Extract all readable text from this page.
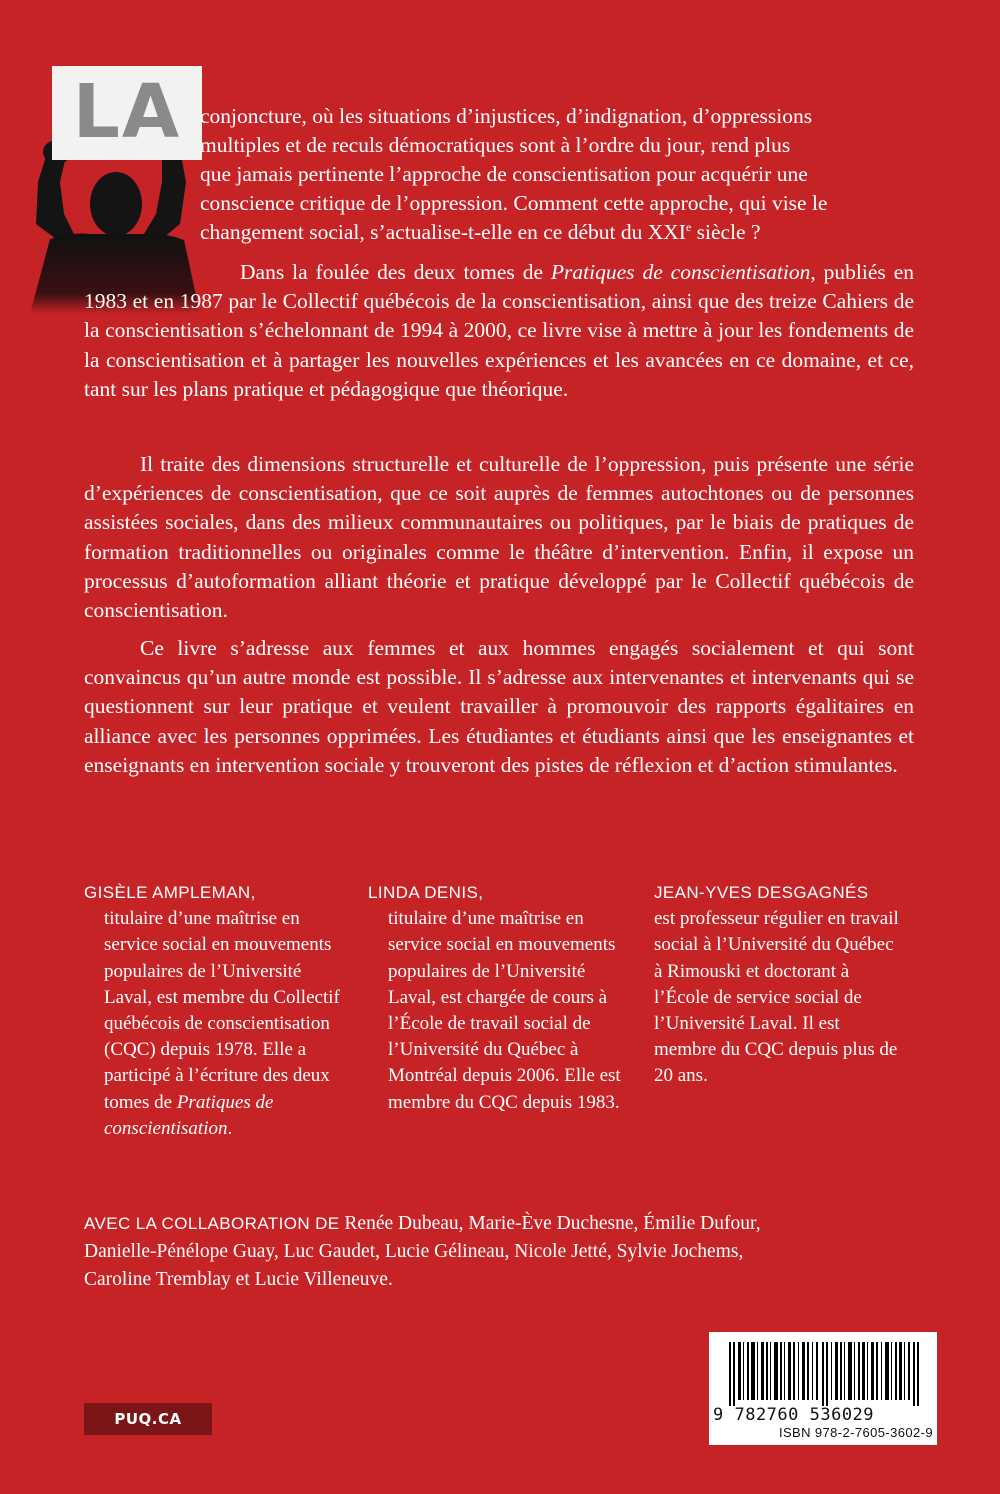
LA conjoncture, où les situations d’injustices, d’indignation, d’oppressions

multiples et de reculs démocratiques sont à l’ordre du jour, rend plus

que jamais pertinente l’approche de conscientisation pour acquérir une

conscience critique de l’oppression. Comment cette approche, qui vise le

changement social, s’actualise-t-elle en ce début du XXIe siècle ?

Dans la foulée des deux tomes de Pratiques de conscientisation, publiés en 1983 et en 1987 par le Collectif québécois de la conscientisation, ainsi que des treize Cahiers de la conscientisation s’échelonnant de 1994 à 2000, ce livre vise à mettre à jour les fondements de la conscientisation et à partager les nouvelles expériences et les avancées en ce domaine, et ce, tant sur les plans pratique et pédagogique que théorique.

Il traite des dimensions structurelle et culturelle de l’oppression, puis présente une série d’expériences de conscientisation, que ce soit auprès de femmes autochtones ou de personnes assistées sociales, dans des milieux communautaires ou politiques, par le biais de pratiques de formation traditionnelles ou originales comme le théâtre d’intervention. Enfin, il expose un processus d’autoformation alliant théorie et pratique développé par le Collectif québécois de conscientisation.

Ce livre s’adresse aux femmes et aux hommes engagés socialement et qui sont convaincus qu’un autre monde est possible. Il s’adresse aux intervenantes et intervenants qui se questionnent sur leur pratique et veulent travailler à promouvoir des rapports égalitaires en alliance avec les personnes opprimées. Les étudiantes et étudiants ainsi que les enseignantes et enseignants en intervention sociale y trouveront des pistes de réflexion et d’action stimulantes.

GISÈLE AMPLEMAN,
titulaire d’une maîtrise en service social en mouvements populaires de l’Université Laval, est membre du Collectif québécois de conscientisation (CQC) depuis 1978. Elle a participé à l’écriture des deux tomes de Pratiques de conscientisation.
LINDA DENIS,
titulaire d’une maîtrise en service social en mouvements populaires de l’Université Laval, est chargée de cours à l’École de travail social de l’Université du Québec à Montréal depuis 2006. Elle est membre du CQC depuis 1983.
JEAN-YVES DESGAGNÉS
est professeur régulier en travail social à l’Université du Québec à Rimouski et doctorant à l’École de service social de l’Université Laval. Il est membre du CQC depuis plus de 20 ans.
AVEC LA COLLABORATION DE Renée Dubeau, Marie-Ève Duchesne, Émilie Dufour, Danielle-Pénélope Guay, Luc Gaudet, Lucie Gélineau, Nicole Jetté, Sylvie Jochems, Caroline Tremblay et Lucie Villeneuve.
PUQ.CA	9 782760 536029
ISBN 978-2-7605-3602-9
